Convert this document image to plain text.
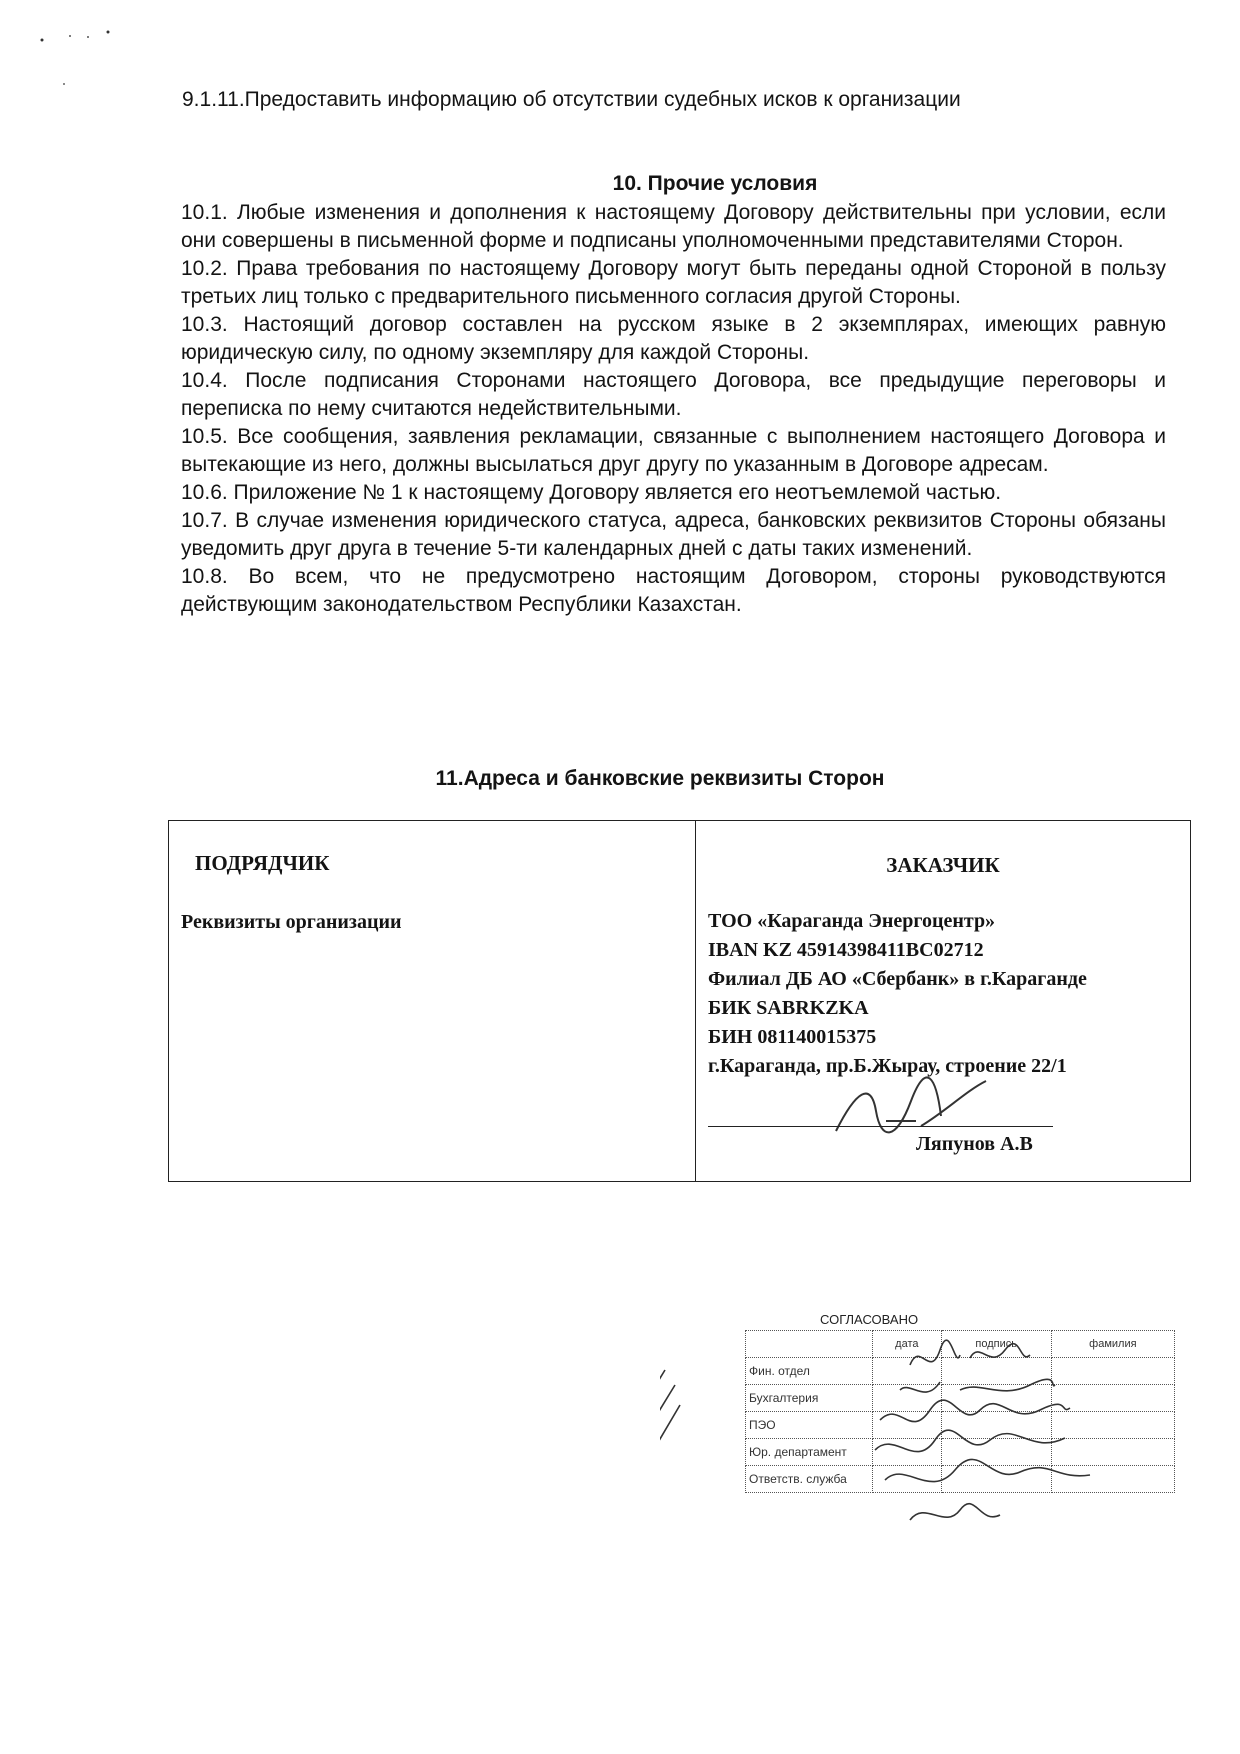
9.1.11.Предоставить информацию об отсутствии судебных исков к организации
10. Прочие условия

10.1. Любые изменения и дополнения к настоящему Договору действительны при условии, если они совершены в письменной форме и подписаны уполномоченными представителями Сторон.

10.2. Права требования по настоящему Договору могут быть переданы одной Стороной в пользу третьих лиц только с предварительного письменного согласия другой Стороны.

10.3. Настоящий договор составлен на русском языке в 2 экземплярах, имеющих равную юридическую силу, по одному экземпляру для каждой Стороны.

10.4. После подписания Сторонами настоящего Договора, все предыдущие переговоры и переписка по нему считаются недействительными.

10.5. Все сообщения, заявления рекламации, связанные с выполнением настоящего Договора и вытекающие из него, должны высылаться друг другу по указанным в Договоре адресам.

10.6. Приложение № 1 к настоящему Договору является его неотъемлемой частью.

10.7. В случае изменения юридического статуса, адреса, банковских реквизитов Стороны обязаны уведомить друг друга в течение 5-ти календарных дней с даты таких изменений.

10.8. Во всем, что не предусмотрено настоящим Договором, стороны руководствуются действующим законодательством Республики Казахстан.

11.Адреса и банковские реквизиты Сторон
ПОДРЯДЧИК
Реквизиты организации

ЗАКАЗЧИК
ТОО «Караганда Энергоцентр»
IBAN KZ 45914398411BC02712
Филиал ДБ АО «Сбербанк» в г.Караганде
БИК SABRKZKA
БИН 081140015375
г.Караганда, пр.Б.Жырау, строение 22/1
Ляпунов А.В
СОГЛАСОВАНО
	дата	подпись	фамилия
Фин. отдел			
Бухгалтерия			
ПЭО			
Юр. департамент			
Ответств. служба			
